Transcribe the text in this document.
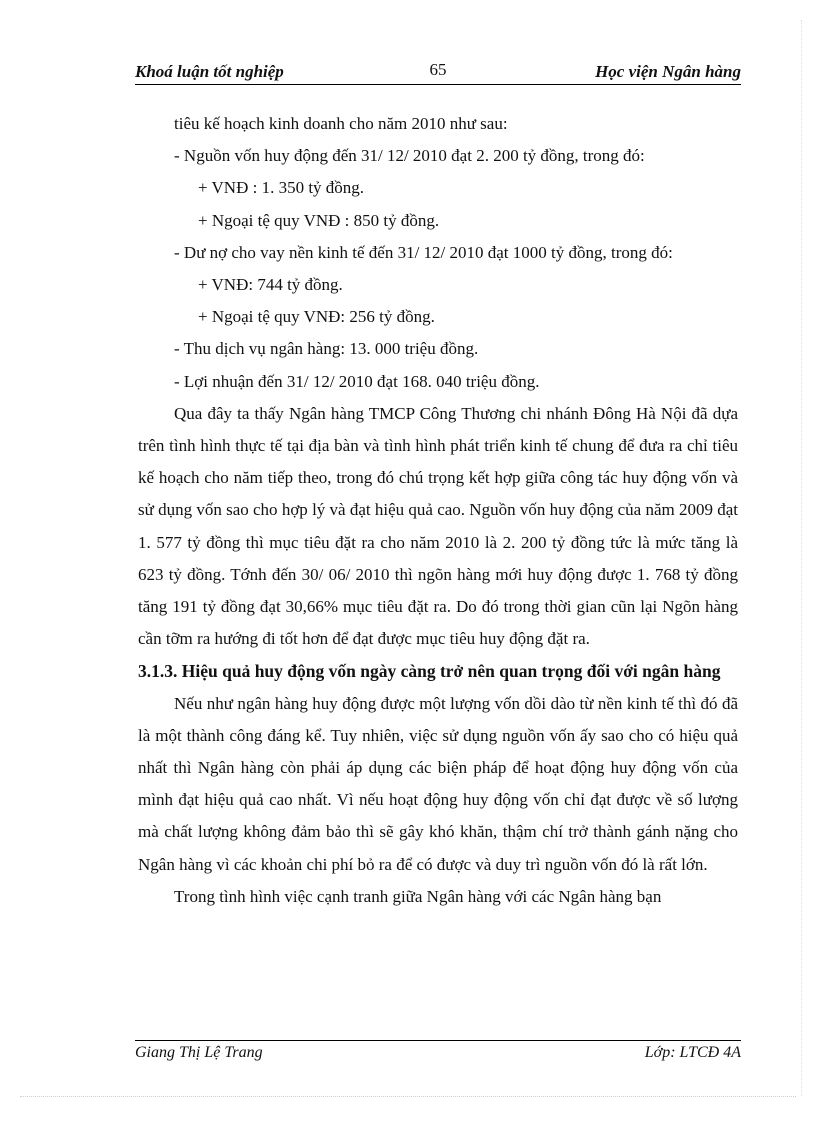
Khoá luận tốt nghiệp	65	Học viện Ngân hàng

tiêu kế hoạch kinh doanh cho năm 2010 như sau:

- Nguồn vốn huy động đến 31/ 12/ 2010 đạt 2. 200 tỷ đồng, trong đó:

+ VNĐ : 1. 350 tỷ đồng.

+ Ngoại tệ quy VNĐ : 850 tỷ đồng.

- Dư nợ cho vay nền kinh tế đến 31/ 12/ 2010 đạt 1000 tỷ đồng, trong đó:

+ VNĐ: 744 tỷ đồng.

+ Ngoại tệ quy VNĐ: 256 tỷ đồng.

- Thu dịch vụ ngân hàng: 13. 000 triệu đồng.

- Lợi nhuận đến 31/ 12/ 2010 đạt 168. 040 triệu đồng.

Qua đây ta thấy Ngân hàng TMCP Công Thương chi nhánh Đông Hà Nội đã dựa trên tình hình thực tế tại địa bàn và tình hình phát triển kinh tế chung để đưa ra chỉ tiêu kế hoạch cho năm tiếp theo, trong đó chú trọng kết hợp giữa công tác huy động vốn và sử dụng vốn sao cho hợp lý và đạt hiệu quả cao. Nguồn vốn huy động của năm 2009 đạt 1. 577 tỷ đồng thì mục tiêu đặt ra cho năm 2010 là 2. 200 tỷ đồng tức là mức tăng là 623 tỷ đồng. Tớnh đến 30/ 06/ 2010 thì ngõn hàng mới huy động được 1. 768 tỷ đồng tăng 191 tỷ đồng đạt 30,66% mục tiêu đặt ra. Do đó trong thời gian cũn lại Ngõn hàng cần tỡm ra hướng đi tốt hơn để đạt được mục tiêu huy động đặt ra.

3.1.3. Hiệu quả huy động vốn ngày càng trở nên quan trọng đối với ngân hàng

Nếu như ngân hàng huy động được một lượng vốn dồi dào từ nền kinh tế thì đó đã là một thành công đáng kể. Tuy nhiên, việc sử dụng nguồn vốn ấy sao cho có hiệu quả nhất thì Ngân hàng còn phải áp dụng các biện pháp để hoạt động huy động vốn của mình đạt hiệu quả cao nhất. Vì nếu hoạt động huy động vốn chỉ đạt được về số lượng mà chất lượng không đảm bảo thì sẽ gây khó khăn, thậm chí trở thành gánh nặng cho Ngân hàng vì các khoản chi phí bỏ ra để có được và duy trì nguồn vốn đó là rất lớn.

Trong tình hình việc cạnh tranh giữa Ngân hàng với các Ngân hàng bạn

Giang Thị Lệ Trang	Lớp: LTCĐ 4A
